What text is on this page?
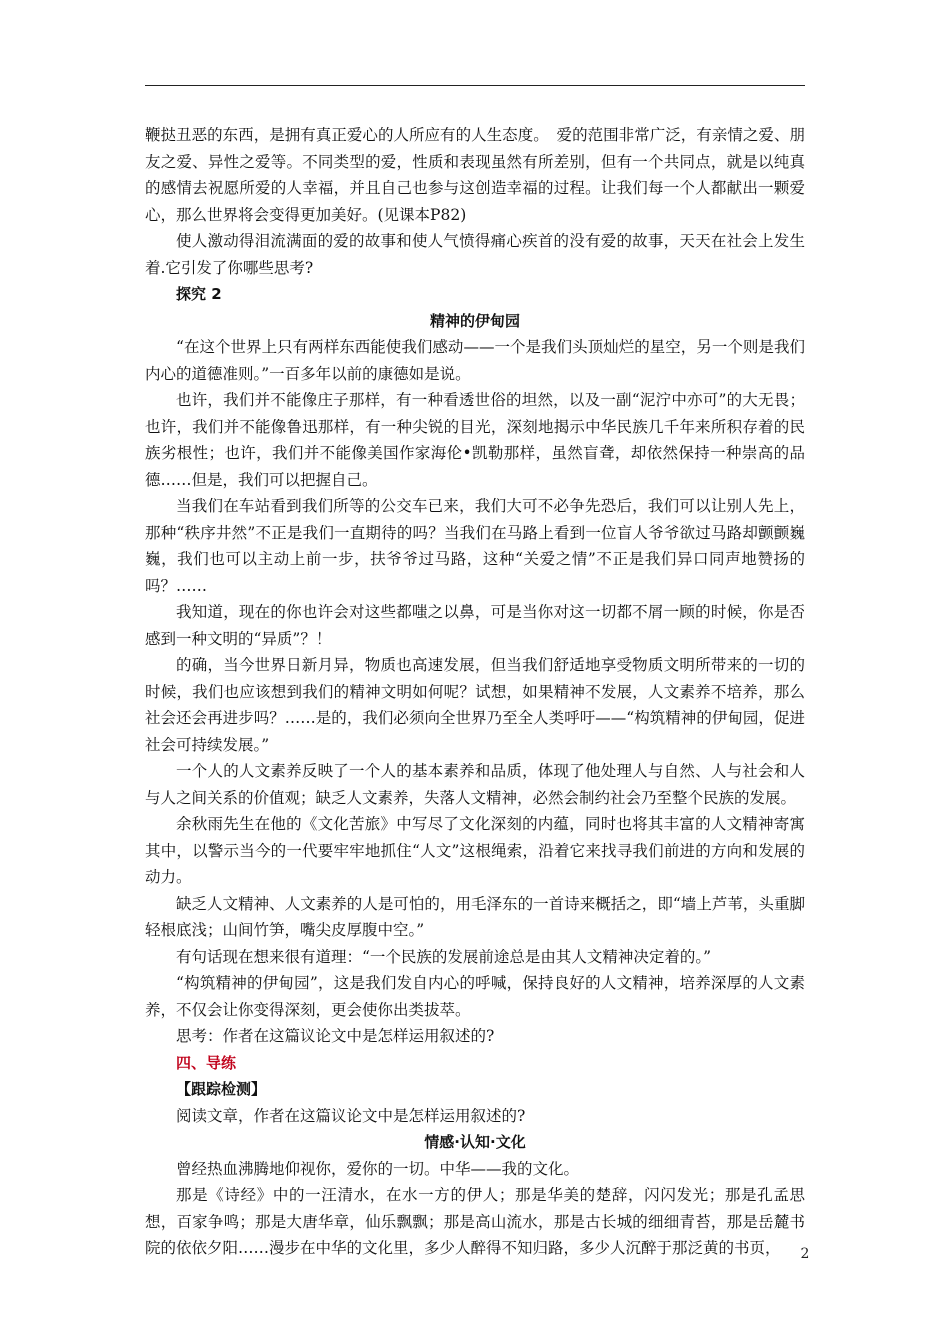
鞭挞丑恶的东西，是拥有真正爱心的人所应有的人生态度。　爱的范围非常广泛，有亲情之爱、朋友之爱、异性之爱等。不同类型的爱，性质和表现虽然有所差别，但有一个共同点，就是以纯真的感情去祝愿所爱的人幸福，并且自己也参与这创造幸福的过程。让我们每一个人都献出一颗爱心，那么世界将会变得更加美好。(见课本P82)

使人激动得泪流满面的爱的故事和使人气愤得痛心疾首的没有爱的故事，天天在社会上发生着.它引发了你哪些思考?

探究 2

精神的伊甸园

“在这个世界上只有两样东西能使我们感动——一个是我们头顶灿烂的星空，另一个则是我们内心的道德准则。”一百多年以前的康德如是说。

也许，我们并不能像庄子那样，有一种看透世俗的坦然，以及一副“泥泞中亦可”的大无畏；也许，我们并不能像鲁迅那样，有一种尖锐的目光，深刻地揭示中华民族几千年来所积存着的民族劣根性；也许，我们并不能像美国作家海伦•凯勒那样，虽然盲聋，却依然保持一种崇高的品德……但是，我们可以把握自己。

当我们在车站看到我们所等的公交车已来，我们大可不必争先恐后，我们可以让别人先上，那种“秩序井然”不正是我们一直期待的吗？当我们在马路上看到一位盲人爷爷欲过马路却颤颤巍巍，我们也可以主动上前一步，扶爷爷过马路，这种“关爱之情”不正是我们异口同声地赞扬的吗？……

我知道，现在的你也许会对这些都嗤之以鼻，可是当你对这一切都不屑一顾的时候，你是否感到一种文明的“异质”？！

的确，当今世界日新月异，物质也高速发展，但当我们舒适地享受物质文明所带来的一切的时候，我们也应该想到我们的精神文明如何呢？试想，如果精神不发展，人文素养不培养，那么社会还会再进步吗？……是的，我们必须向全世界乃至全人类呼吁——“构筑精神的伊甸园，促进社会可持续发展。”

一个人的人文素养反映了一个人的基本素养和品质，体现了他处理人与自然、人与社会和人与人之间关系的价值观；缺乏人文素养，失落人文精神，必然会制约社会乃至整个民族的发展。

余秋雨先生在他的《文化苦旅》中写尽了文化深刻的内蕴，同时也将其丰富的人文精神寄寓其中，以警示当今的一代要牢牢地抓住“人文”这根绳索，沿着它来找寻我们前进的方向和发展的动力。

缺乏人文精神、人文素养的人是可怕的，用毛泽东的一首诗来概括之，即“墙上芦苇，头重脚轻根底浅；山间竹笋，嘴尖皮厚腹中空。”

有句话现在想来很有道理：“一个民族的发展前途总是由其人文精神决定着的。”

“构筑精神的伊甸园”，这是我们发自内心的呼喊，保持良好的人文精神，培养深厚的人文素养，不仅会让你变得深刻，更会使你出类拔萃。

思考：作者在这篇议论文中是怎样运用叙述的?

四、导练

【跟踪检测】

阅读文章，作者在这篇议论文中是怎样运用叙述的?

情感·认知·文化

曾经热血沸腾地仰视你，爱你的一切。中华——我的文化。

那是《诗经》中的一汪清水，在水一方的伊人；那是华美的楚辞，闪闪发光；那是孔孟思想，百家争鸣；那是大唐华章，仙乐飘飘；那是高山流水，那是古长城的细细青苔，那是岳麓书院的依依夕阳……漫步在中华的文化里，多少人醉得不知归路，多少人沉醉于那泛黄的书页，	2
